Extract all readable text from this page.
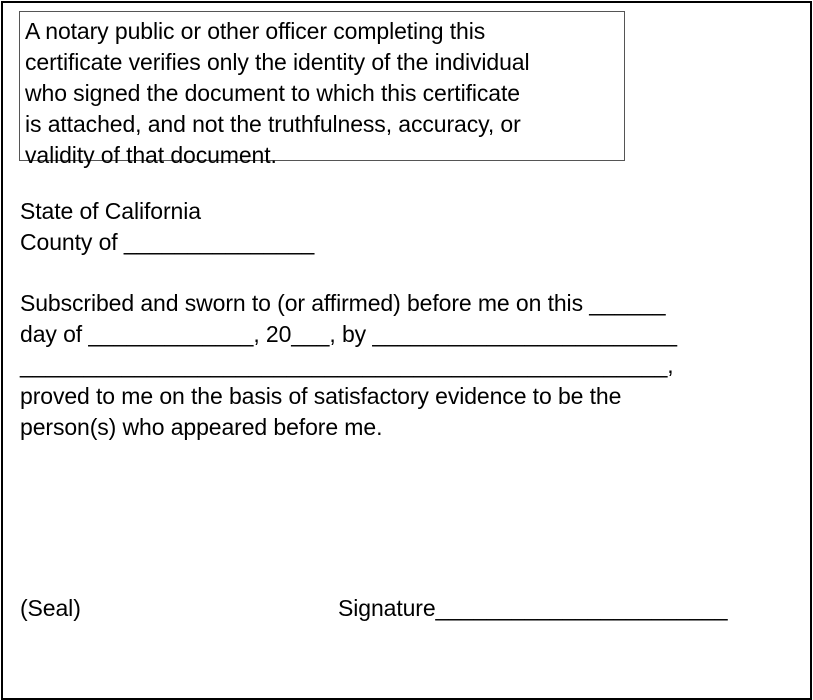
A notary public or other officer completing this
certificate verifies only the identity of the individual
who signed the document to which this certificate
is attached, and not the truthfulness, accuracy, or
validity of that document.
State of California
County of _______________
Subscribed and sworn to (or affirmed) before me on this ______
day of _____________, 20___, by ________________________
___________________________________________________,
proved to me on the basis of satisfactory evidence to be the
person(s) who appeared before me.
(Seal)	Signature_______________________
